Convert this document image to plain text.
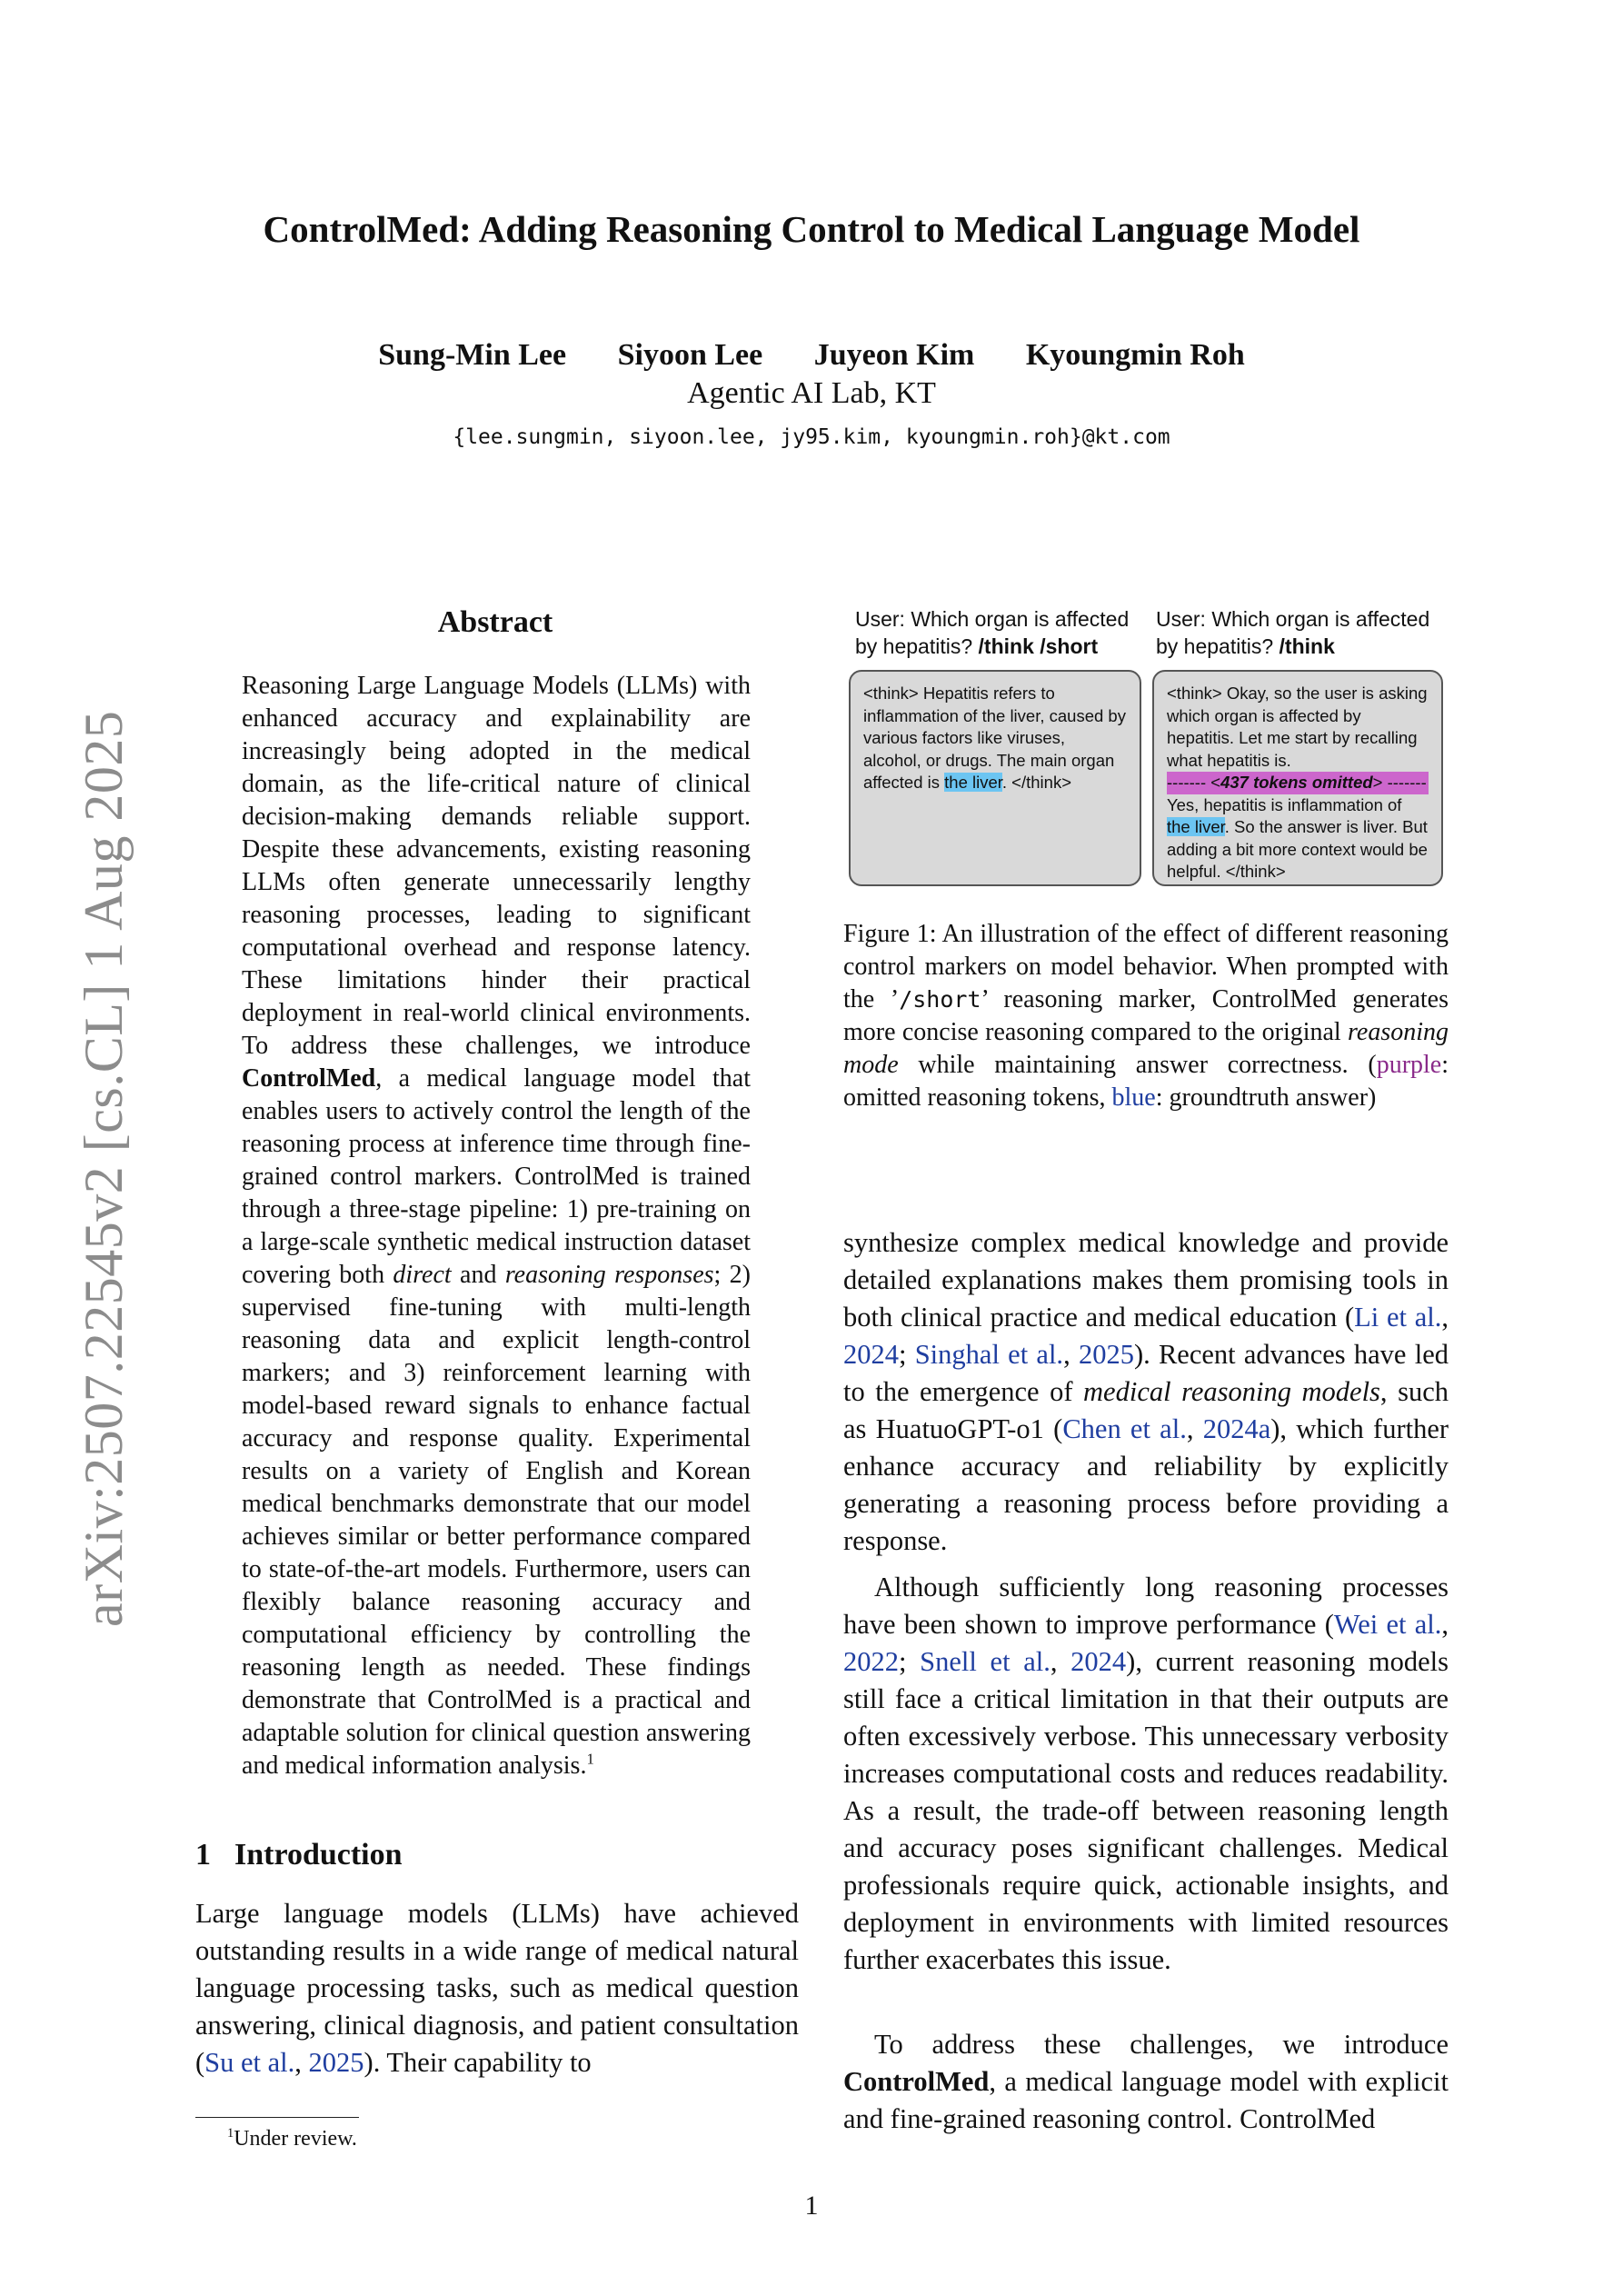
arXiv:2507.22545v2 [cs.CL] 1 Aug 2025
ControlMed: Adding Reasoning Control to Medical Language Model
Sung-Min Lee Siyoon Lee Juyeon Kim Kyoungmin Roh
Agentic AI Lab, KT
{lee.sungmin, siyoon.lee, jy95.kim, kyoungmin.roh}@kt.com
Abstract
Reasoning Large Language Models (LLMs) with enhanced accuracy and explainability are increasingly being adopted in the medical domain, as the life-critical nature of clinical decision-making demands reliable support. Despite these advancements, existing reasoning LLMs often generate unnecessarily lengthy reasoning processes, leading to significant computational overhead and response latency. These limitations hinder their practical deployment in real-world clinical environments. To address these challenges, we introduce ControlMed, a medical language model that enables users to actively control the length of the reasoning process at inference time through fine-grained control markers. ControlMed is trained through a three-stage pipeline: 1) pre-training on a large-scale synthetic medical instruction dataset covering both direct and reasoning responses; 2) supervised fine-tuning with multi-length reasoning data and explicit length-control markers; and 3) reinforcement learning with model-based reward signals to enhance factual accuracy and response quality. Experimental results on a variety of English and Korean medical benchmarks demonstrate that our model achieves similar or better performance compared to state-of-the-art models. Furthermore, users can flexibly balance reasoning accuracy and computational efficiency by controlling the reasoning length as needed. These findings demonstrate that ControlMed is a practical and adaptable solution for clinical question answering and medical information analysis.$^1$
1 Introduction
Large language models (LLMs) have achieved outstanding results in a wide range of medical natural language processing tasks, such as medical question answering, clinical diagnosis, and patient consultation (Su et al., 2025). Their capability to
$^1$Under review.
1
User: Which organ is affected by hepatitis? /think /short
User: Which organ is affected by hepatitis? /think
<think> Hepatitis refers to inflammation of the liver, caused by various factors like viruses, alcohol, or drugs. The main organ affected is the liver. </think>
<think> Okay, so the user is asking which organ is affected by hepatitis. Let me start by recalling what hepatitis is.
------- <437 tokens omitted> -------
Yes, hepatitis is inflammation of the liver. So the answer is liver. But adding a bit more context would be helpful. </think>
Figure 1: An illustration of the effect of different reasoning control markers on model behavior. When prompted with the ’/short’ reasoning marker, ControlMed generates more concise reasoning compared to the original reasoning mode while maintaining answer correctness. (purple: omitted reasoning tokens, blue: groundtruth answer)
synthesize complex medical knowledge and provide detailed explanations makes them promising tools in both clinical practice and medical education (Li et al., 2024; Singhal et al., 2025). Recent advances have led to the emergence of medical reasoning models, such as HuatuoGPT-o1 (Chen et al., 2024a), which further enhance accuracy and reliability by explicitly generating a reasoning process before providing a response.
Although sufficiently long reasoning processes have been shown to improve performance (Wei et al., 2022; Snell et al., 2024), current reasoning models still face a critical limitation in that their outputs are often excessively verbose. This unnecessary verbosity increases computational costs and reduces readability. As a result, the trade-off between reasoning length and accuracy poses significant challenges. Medical professionals require quick, actionable insights, and deployment in environments with limited resources further exacerbates this issue.
To address these challenges, we introduce ControlMed, a medical language model with explicit and fine-grained reasoning control. ControlMed
